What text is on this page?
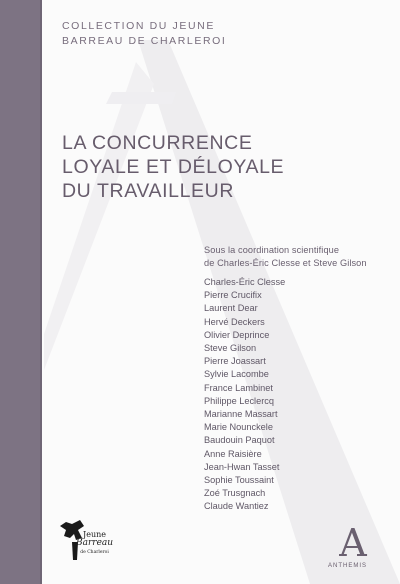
COLLECTION DU JEUNE
BARREAU DE CHARLEROI

LA CONCURRENCE
LOYALE ET DÉLOYALE
DU TRAVAILLEUR

Sous la coordination scientifique
de Charles-Éric Clesse et Steve Gilson

Charles-Éric Clesse
Pierre Crucifix
Laurent Dear
Hervé Deckers
Olivier Deprince
Steve Gilson
Pierre Joassart
Sylvie Lacombe
France Lambinet
Philippe Leclercq
Marianne Massart
Marie Nounckele
Baudouin Paquot
Anne Raisière
Jean-Hwan Tasset
Sophie Toussaint
Zoé Trusgnach
Claude Wantiez
Jeune
Barreau
de Charleroi	A
ANTHEMIS
